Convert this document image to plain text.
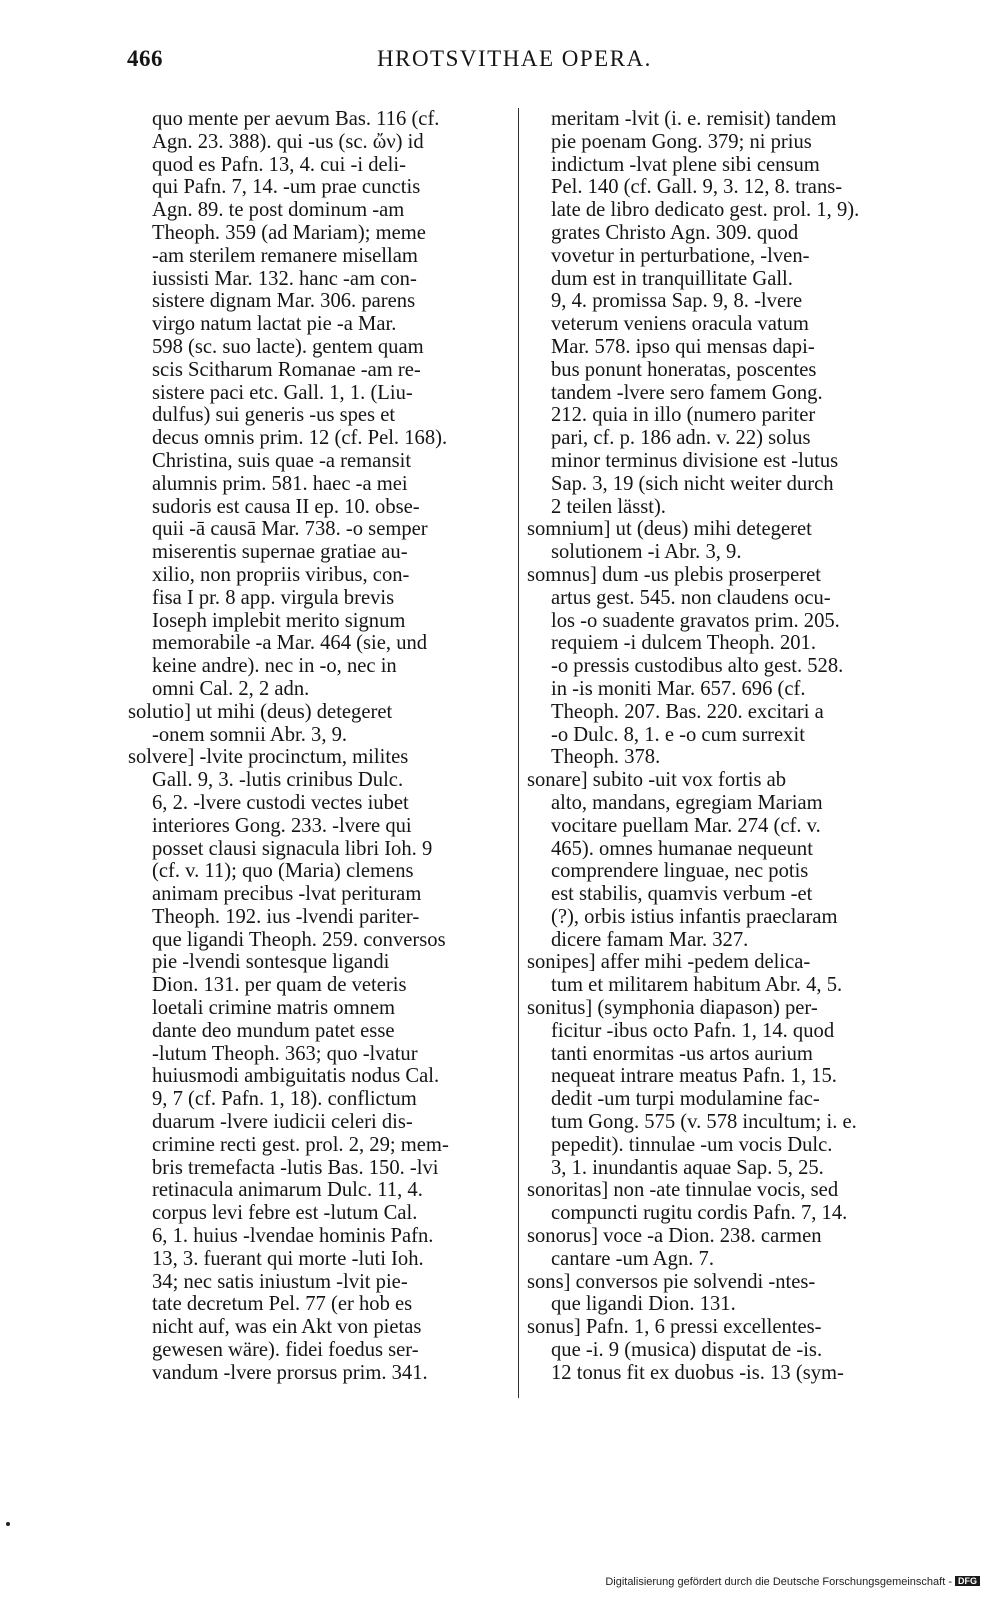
466	HROTSVITHAE OPERA.
quo mente per aevum Bas. 116 (cf.
Agn. 23. 388). qui -us (sc. ὤν) id
quod es Pafn. 13, 4. cui -i deli-
qui Pafn. 7, 14. -um prae cunctis
Agn. 89. te post dominum -am
Theoph. 359 (ad Mariam); meme
-am sterilem remanere misellam
iussisti Mar. 132. hanc -am con-
sistere dignam Mar. 306. parens
virgo natum lactat pie -a Mar.
598 (sc. suo lacte). gentem quam
scis Scitharum Romanae -am re-
sistere paci etc. Gall. 1, 1. (Liu-
dulfus) sui generis -us spes et
decus omnis prim. 12 (cf. Pel. 168).
Christina, suis quae -a remansit
alumnis prim. 581. haec -a mei
sudoris est causa II ep. 10. obse-
quii -ā causā Mar. 738. -o semper
miserentis supernae gratiae au-
xilio, non propriis viribus, con-
fisa I pr. 8 app. virgula brevis
Ioseph implebit merito signum
memorabile -a Mar. 464 (sie, und
keine andre). nec in -o, nec in
omni Cal. 2, 2 adn.
solutio] ut mihi (deus) detegeret
-onem somnii Abr. 3, 9.
solvere] -lvite procinctum, milites
Gall. 9, 3. -lutis crinibus Dulc.
6, 2. -lvere custodi vectes iubet
interiores Gong. 233. -lvere qui
posset clausi signacula libri Ioh. 9
(cf. v. 11); quo (Maria) clemens
animam precibus -lvat perituram
Theoph. 192. ius -lvendi pariter-
que ligandi Theoph. 259. conversos
pie -lvendi sontesque ligandi
Dion. 131. per quam de veteris
loetali crimine matris omnem
dante deo mundum patet esse
-lutum Theoph. 363; quo -lvatur
huiusmodi ambiguitatis nodus Cal.
9, 7 (cf. Pafn. 1, 18). conflictum
duarum -lvere iudicii celeri dis-
crimine recti gest. prol. 2, 29; mem-
bris tremefacta -lutis Bas. 150. -lvi
retinacula animarum Dulc. 11, 4.
corpus levi febre est -lutum Cal.
6, 1. huius -lvendae hominis Pafn.
13, 3. fuerant qui morte -luti Ioh.
34; nec satis iniustum -lvit pie-
tate decretum Pel. 77 (er hob es
nicht auf, was ein Akt von pietas
gewesen wäre). fidei foedus ser-
vandum -lvere prorsus prim. 341.
meritam -lvit (i. e. remisit) tandem
pie poenam Gong. 379; ni prius
indictum -lvat plene sibi censum
Pel. 140 (cf. Gall. 9, 3. 12, 8. trans-
late de libro dedicato gest. prol. 1, 9).
grates Christo Agn. 309. quod
vovetur in perturbatione, -lven-
dum est in tranquillitate Gall.
9, 4. promissa Sap. 9, 8. -lvere
veterum veniens oracula vatum
Mar. 578. ipso qui mensas dapi-
bus ponunt honeratas, poscentes
tandem -lvere sero famem Gong.
212. quia in illo (numero pariter
pari, cf. p. 186 adn. v. 22) solus
minor terminus divisione est -lutus
Sap. 3, 19 (sich nicht weiter durch
2 teilen lässt).
somnium] ut (deus) mihi detegeret
solutionem -i Abr. 3, 9.
somnus] dum -us plebis proserperet
artus gest. 545. non claudens ocu-
los -o suadente gravatos prim. 205.
requiem -i dulcem Theoph. 201.
-o pressis custodibus alto gest. 528.
in -is moniti Mar. 657. 696 (cf.
Theoph. 207. Bas. 220. excitari a
-o Dulc. 8, 1. e -o cum surrexit
Theoph. 378.
sonare] subito -uit vox fortis ab
alto, mandans, egregiam Mariam
vocitare puellam Mar. 274 (cf. v.
465). omnes humanae nequeunt
comprendere linguae, nec potis
est stabilis, quamvis verbum -et
(?), orbis istius infantis praeclaram
dicere famam Mar. 327.
sonipes] affer mihi -pedem delica-
tum et militarem habitum Abr. 4, 5.
sonitus] (symphonia diapason) per-
ficitur -ibus octo Pafn. 1, 14. quod
tanti enormitas -us artos aurium
nequeat intrare meatus Pafn. 1, 15.
dedit -um turpi modulamine fac-
tum Gong. 575 (v. 578 incultum; i. e.
pepedit). tinnulae -um vocis Dulc.
3, 1. inundantis aquae Sap. 5, 25.
sonoritas] non -ate tinnulae vocis, sed
compuncti rugitu cordis Pafn. 7, 14.
sonorus] voce -a Dion. 238. carmen
cantare -um Agn. 7.
sons] conversos pie solvendi -ntes-
que ligandi Dion. 131.
sonus] Pafn. 1, 6 pressi excellentes-
que -i. 9 (musica) disputat de -is.
12 tonus fit ex duobus -is. 13 (sym-
Digitalisierung gefördert durch die Deutsche Forschungsgemeinschaft - DFG
